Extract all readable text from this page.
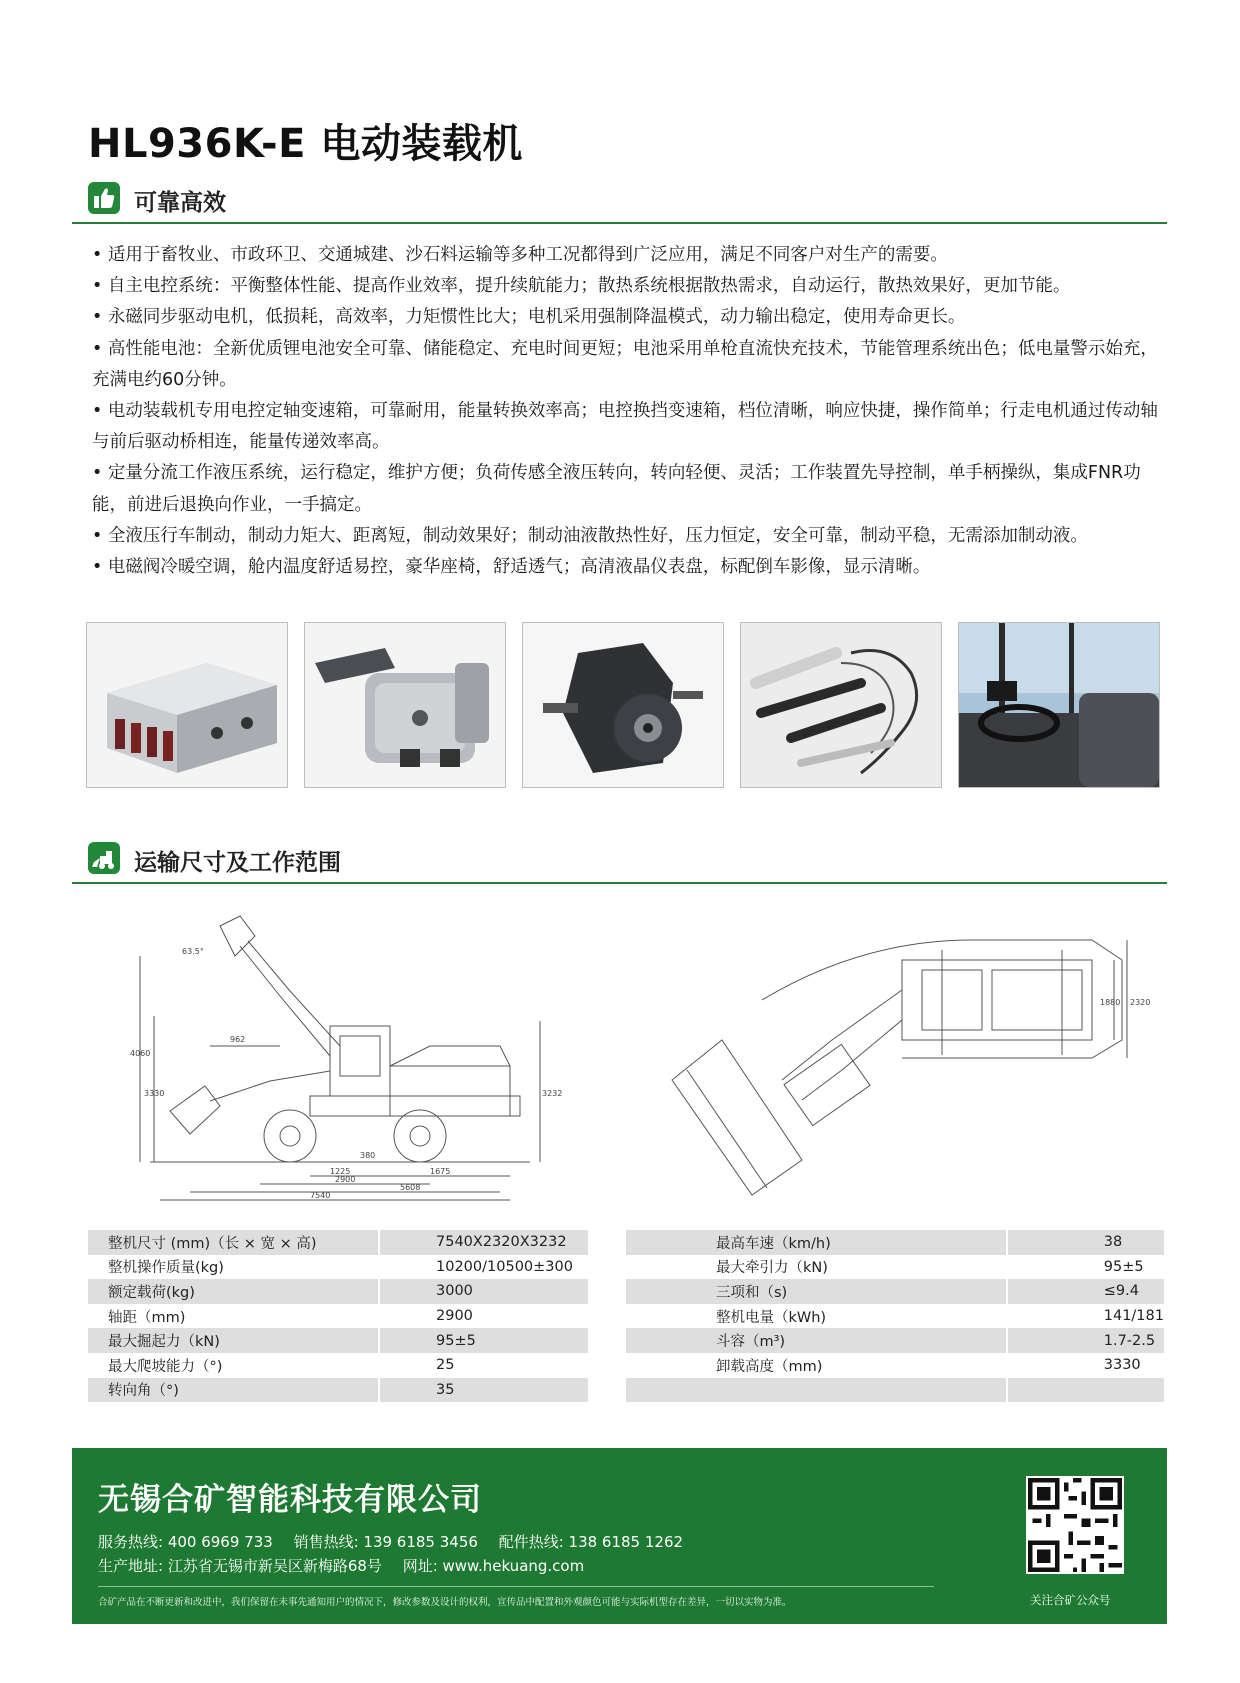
HL936K-E 电动装载机
可靠高效

• 适用于畜牧业、市政环卫、交通城建、沙石料运输等多种工况都得到广泛应用，满足不同客户对生产的需要。

• 自主电控系统：平衡整体性能、提高作业效率，提升续航能力；散热系统根据散热需求，自动运行，散热效果好，更加节能。

• 永磁同步驱动电机，低损耗，高效率，力矩惯性比大；电机采用强制降温模式，动力输出稳定，使用寿命更长。

• 高性能电池：全新优质锂电池安全可靠、储能稳定、充电时间更短；电池采用单枪直流快充技术，节能管理系统出色；低电量警示始充，充满电约60分钟。

• 电动装载机专用电控定轴变速箱，可靠耐用，能量转换效率高；电控换挡变速箱，档位清晰，响应快捷，操作简单；行走电机通过传动轴与前后驱动桥相连，能量传递效率高。

• 定量分流工作液压系统，运行稳定，维护方便；负荷传感全液压转向，转向轻便、灵活；工作装置先导控制，单手柄操纵，集成FNR功能，前进后退换向作业，一手搞定。

• 全液压行车制动，制动力矩大、距离短，制动效果好；制动油液散热性好，压力恒定，安全可靠，制动平稳，无需添加制动液。

• 电磁阀冷暖空调，舱内温度舒适易控，豪华座椅，舒适透气；高清液晶仪表盘，标配倒车影像，显示清晰。

运输尺寸及工作范围
63.5°
962
4060
3330	3232
380
1225	1675
2900
5608
7540
1880 2320
整机尺寸 (mm)（长 × 宽 × 高)	7540X2320X3232
整机操作质量(kg)	10200/10500±300
额定载荷(kg)	3000
轴距（mm)	2900
最大掘起力（kN)	95±5
最大爬坡能力（°)	25
转向角（°)	35
最高车速（km/h)	38
最大牵引力（kN)	95±5
三项和（s)	≤9.4
整机电量（kWh)	141/181
斗容（m³)	1.7-2.5
卸载高度（mm)	3330

无锡合矿智能科技有限公司
服务热线: 400 6969 733 销售热线: 139 6185 3456 配件热线: 138 6185 1262
生产地址: 江苏省无锡市新吴区新梅路68号 网址: www.hekuang.com
合矿产品在不断更新和改进中，我们保留在未事先通知用户的情况下，修改参数及设计的权利，宣传品中配置和外观颜色可能与实际机型存在差异，一切以实物为准。	关注合矿公众号
